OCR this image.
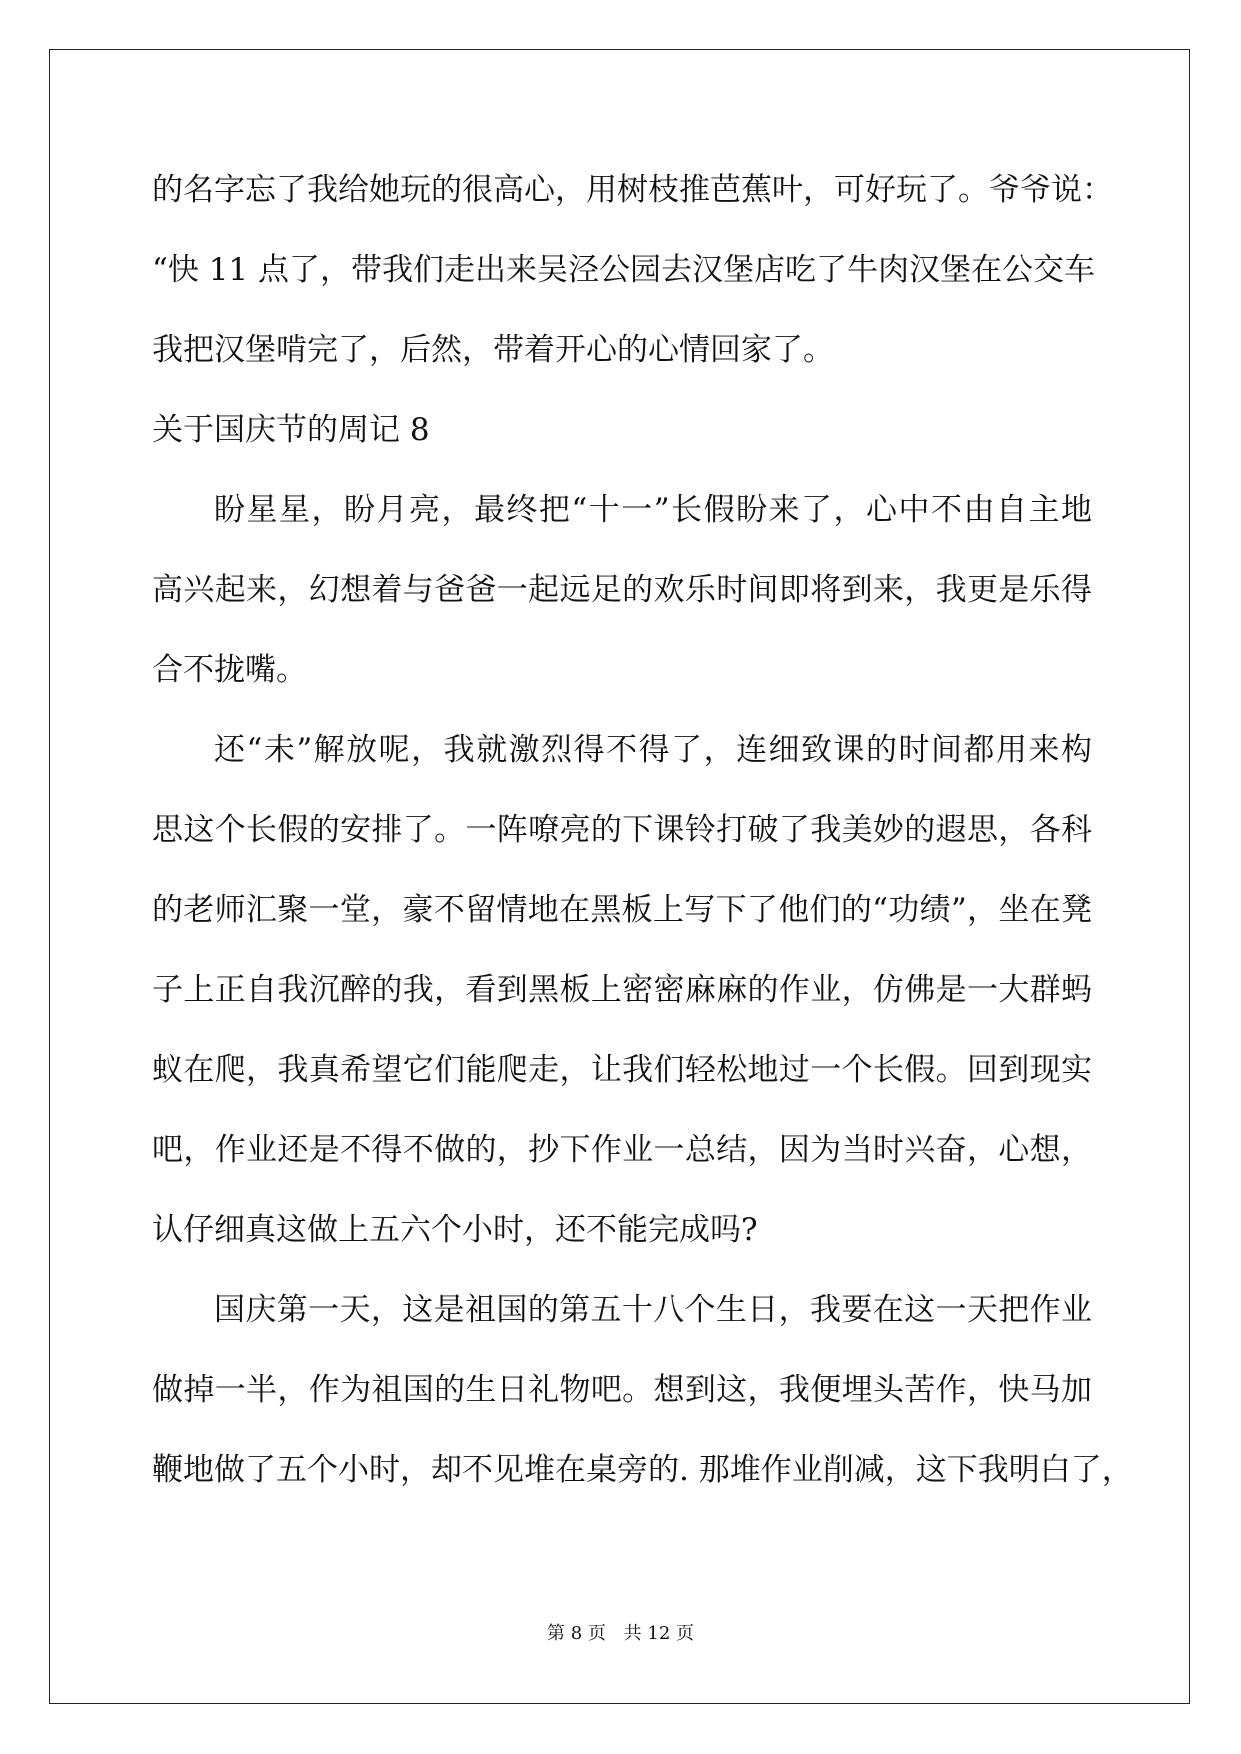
的名字忘了我给她玩的很高心，用树枝推芭蕉叶，可好玩了。爷爷说：
“快 11 点了，带我们走出来吴泾公园去汉堡店吃了牛肉汉堡在公交车
我把汉堡啃完了，后然，带着开心的心情回家了。
关于国庆节的周记 8
盼星星，盼月亮，最终把“十一”长假盼来了，心中不由自主地
高兴起来，幻想着与爸爸一起远足的欢乐时间即将到来，我更是乐得
合不拢嘴。
还“未”解放呢，我就激烈得不得了，连细致课的时间都用来构
思这个长假的安排了。一阵嘹亮的下课铃打破了我美妙的遐思，各科
的老师汇聚一堂，豪不留情地在黑板上写下了他们的“功绩”，坐在凳
子上正自我沉醉的我，看到黑板上密密麻麻的作业，仿佛是一大群蚂
蚁在爬，我真希望它们能爬走，让我们轻松地过一个长假。回到现实
吧，作业还是不得不做的，抄下作业一总结，因为当时兴奋，心想，
认仔细真这做上五六个小时，还不能完成吗?
国庆第一天，这是祖国的第五十八个生日，我要在这一天把作业
做掉一半，作为祖国的生日礼物吧。想到这，我便埋头苦作，快马加
鞭地做了五个小时，却不见堆在桌旁的. 那堆作业削减，这下我明白了，
第 8 页 共 12 页
